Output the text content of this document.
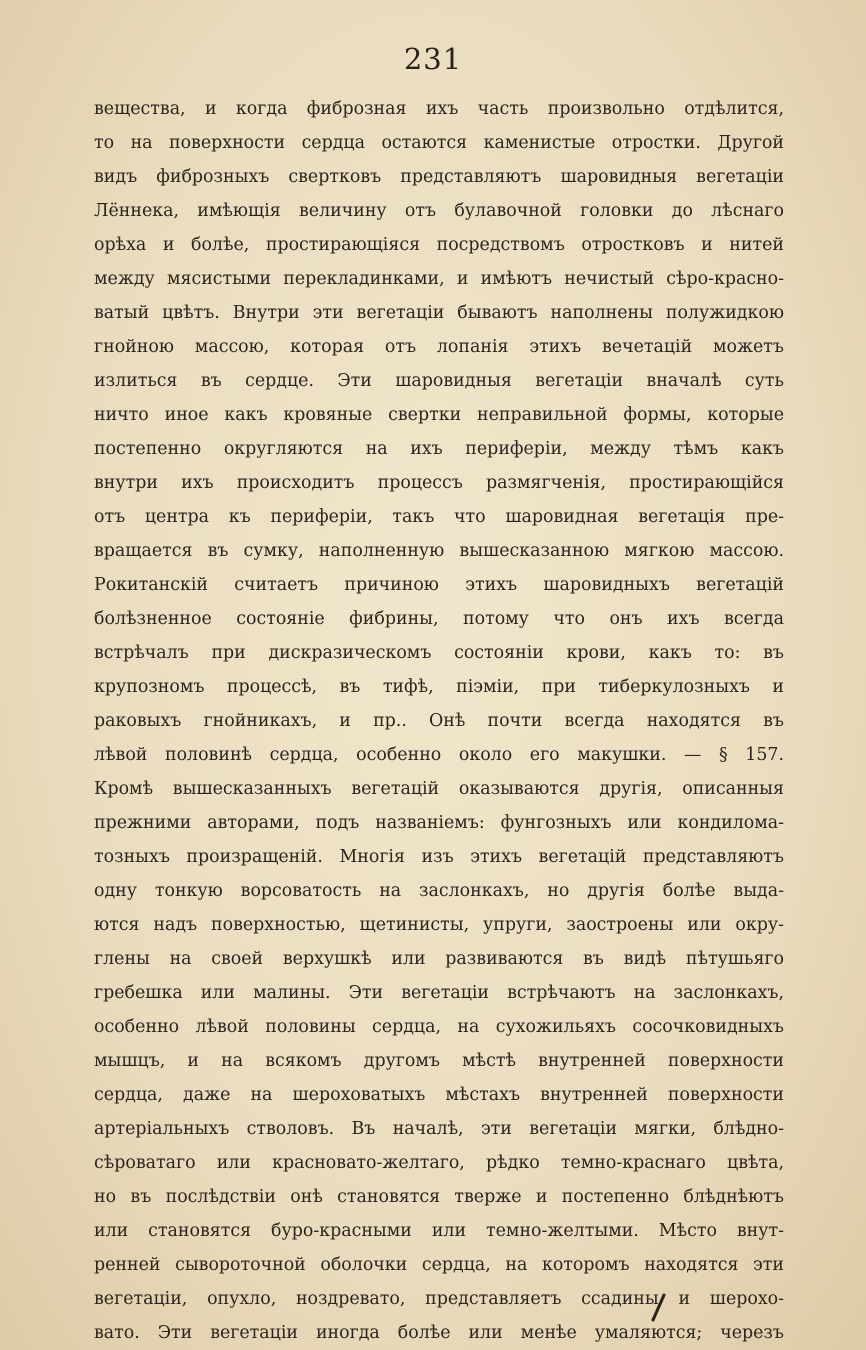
231
вещества, и когда фиброзная ихъ часть произвольно отдѣлится,
то на поверхности сердца остаются каменистые отростки. Другой
видъ фиброзныхъ свертковъ представляютъ шаровидныя вегетаціи
Лённека, имѣющія величину отъ булавочной головки до лѣснаго
орѣха и болѣе, простирающіяся посредствомъ отростковъ и нитей
между мясистыми перекладинками, и имѣютъ нечистый сѣро-красно-
ватый цвѣтъ. Внутри эти вегетаціи бываютъ наполнены полужидкою
гнойною массою, которая отъ лопанія этихъ вечетацій можетъ
излиться въ сердце. Эти шаровидныя вегетаціи вначалѣ суть
ничто иное какъ кровяные свертки неправильной формы, которые
постепенно округляются на ихъ периферіи, между тѣмъ какъ
внутри ихъ происходитъ процессъ размягченія, простирающійся
отъ центра къ периферіи, такъ что шаровидная вегетація пре-
вращается въ сумку, наполненную вышесказанною мягкою массою.
Рокитанскій считаетъ причиною этихъ шаровидныхъ вегетацій
болѣзненное состояніе фибрины, потому что онъ ихъ всегда
встрѣчалъ при дискразическомъ состояніи крови, какъ то: въ
крупозномъ процессѣ, въ тифѣ, піэміи, при тиберкулозныхъ и
раковыхъ гнойникахъ, и пр.. Онѣ почти всегда находятся въ
лѣвой половинѣ сердца, особенно около его макушки. — § 157.
Кромѣ вышесказанныхъ вегетацій оказываются другія, описанныя
прежними авторами, подъ названіемъ: фунгозныхъ или кондилома-
тозныхъ произращеній. Многія изъ этихъ вегетацій представляютъ
одну тонкую ворсоватость на заслонкахъ, но другія болѣе выда-
ются надъ поверхностью, щетинисты, упруги, заостроены или окру-
глены на своей верхушкѣ или развиваются въ видѣ пѣтушьяго
гребешка или малины. Эти вегетаціи встрѣчаютъ на заслонкахъ,
особенно лѣвой половины сердца, на сухожильяхъ сосочковидныхъ
мышцъ, и на всякомъ другомъ мѣстѣ внутренней поверхности
сердца, даже на шероховатыхъ мѣстахъ внутренней поверхности
артеріальныхъ стволовъ. Въ началѣ, эти вегетаціи мягки, блѣдно-
сѣроватаго или красновато-желтаго, рѣдко темно-краснаго цвѣта,
но въ послѣдствіи онѣ становятся тверже и постепенно блѣднѣютъ
или становятся буро-красными или темно-желтыми. Мѣсто внут-
ренней сывороточной оболочки сердца, на которомъ находятся эти
вегетаціи, опухло, ноздревато, представляетъ ссадины и шерохо-
вато. Эти вегетаціи иногда болѣе или менѣе умаляются; черезъ
